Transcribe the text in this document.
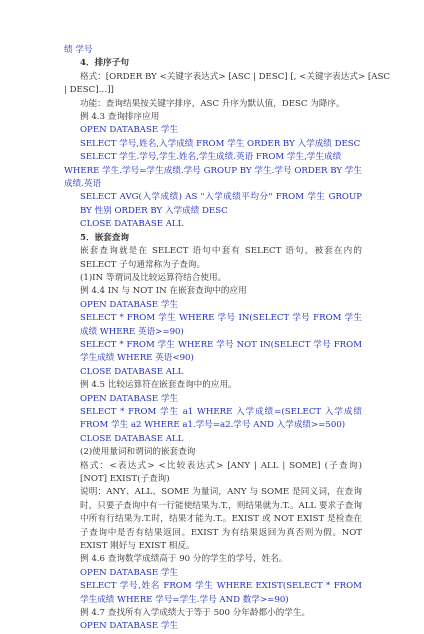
绩 学号
4．排序子句
格式：[ORDER BY <关键字表达式> [ASC | DESC] [, <关键字表达式> [ASC
| DESC]…]]
功能：查询结果按关键字排序，ASC 升序为默认值，DESC 为降序。
例 4.3 查询排序应用
OPEN DATABASE 学生
SELECT 学号,姓名,入学成绩 FROM 学生 ORDER BY 入学成绩 DESC
SELECT 学生.学号,学生.姓名,学生成绩.英语 FROM 学生,学生成绩
WHERE 学生.学号=学生成绩.学号 GROUP BY 学生.学号 ORDER BY 学生成绩.英语
SELECT AVG(入学成绩) AS "入学成绩平均分" FROM 学生 GROUP BY 性别 ORDER BY 入学成绩 DESC
CLOSE DATABASE ALL
5．嵌套查询
嵌套查询就是在 SELECT 语句中套有 SELECT 语句，被套在内的 SELECT 子句通常称为子查询。
(1)IN 等谓词及比较运算符结合使用。
例 4.4 IN 与 NOT IN 在嵌套查询中的应用
OPEN DATABASE 学生
SELECT * FROM 学生 WHERE 学号 IN(SELECT 学号 FROM 学生成绩 WHERE 英语>=90)
SELECT * FROM 学生 WHERE 学号 NOT IN(SELECT 学号 FROM 学生成绩 WHERE 英语<90)
CLOSE DATABASE ALL
例 4.5 比较运算符在嵌套查询中的应用。
OPEN DATABASE 学生
SELECT * FROM 学生 a1 WHERE 入学成绩=(SELECT 入学成绩 FROM 学生 a2 WHERE a1.学号=a2.学号 AND 入学成绩>=500)
CLOSE DATABASE ALL
(2)使用量词和谓词的嵌套查询
格式：<表达式> <比较表达式> [ANY | ALL | SOME] (子查询) [NOT] EXIST(子查询)
说明：ANY、ALL、SOME 为量词，ANY 与 SOME 是同义词，在查询时，只要子查询中有一行能使结果为.T.，则结果就为.T.。ALL 要求子查询中所有行结果为.T.时，结果才能为.T.。EXIST 或 NOT EXIST 是检查在子查询中是否有结果返回。EXIST 为有结果返回为真否则为假。NOT EXIST 刚好与 EXIST 相反。
例 4.6 查询数学成绩高于 90 分的学生的学号，姓名。
OPEN DATABASE 学生
SELECT 学号,姓名 FROM 学生 WHERE EXIST(SELECT * FROM 学生成绩 WHERE 学号=学生.学号 AND 数学>=90)
例 4.7 查找所有入学成绩大于等于 500 分年龄都小的学生。
OPEN DATABASE 学生
